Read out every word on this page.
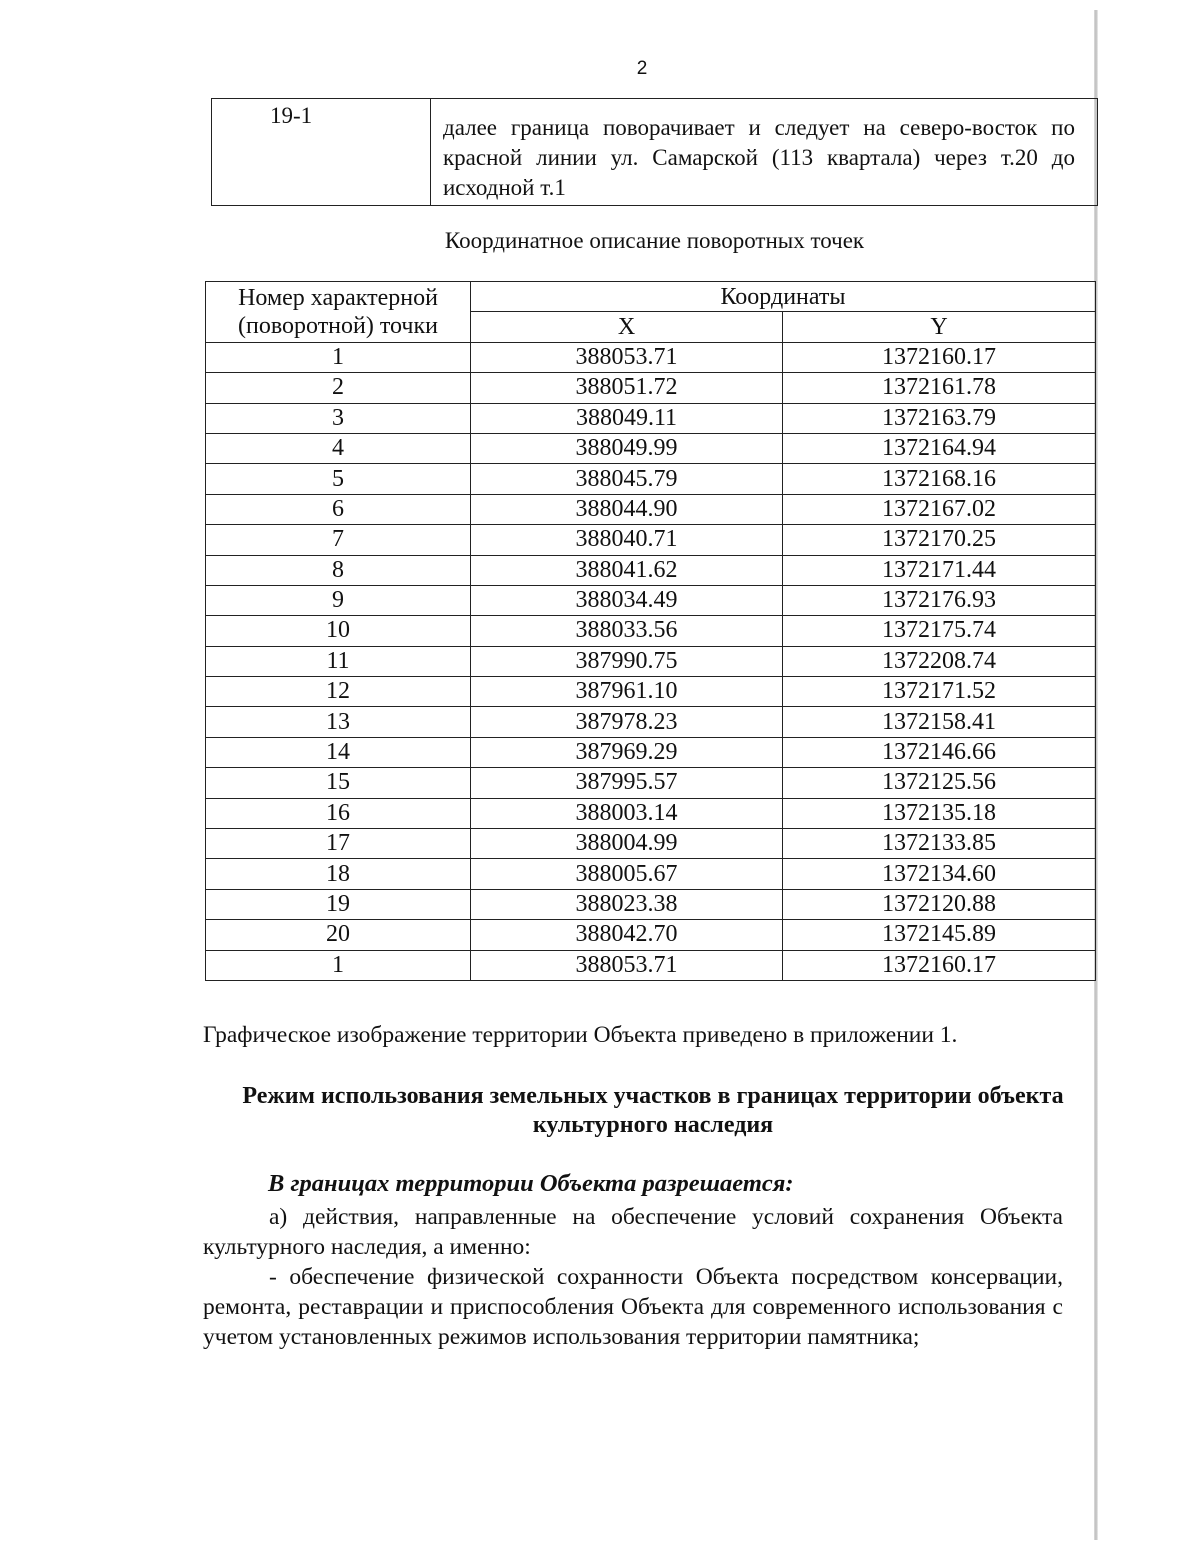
2
19-1	далее граница поворачивает и следует на северо-восток по красной линии ул. Самарской (113 квартала) через т.20 до исходной т.1
Координатное описание поворотных точек
Номер характерной (поворотной) точки	Координаты	
	X	Y
1	388053.71	1372160.17
2	388051.72	1372161.78
3	388049.11	1372163.79
4	388049.99	1372164.94
5	388045.79	1372168.16
6	388044.90	1372167.02
7	388040.71	1372170.25
8	388041.62	1372171.44
9	388034.49	1372176.93
10	388033.56	1372175.74
11	387990.75	1372208.74
12	387961.10	1372171.52
13	387978.23	1372158.41
14	387969.29	1372146.66
15	387995.57	1372125.56
16	388003.14	1372135.18
17	388004.99	1372133.85
18	388005.67	1372134.60
19	388023.38	1372120.88
20	388042.70	1372145.89
1	388053.71	1372160.17
Графическое изображение территории Объекта приведено в приложении 1.
Режим использования земельных участков в границах территории объекта культурного наследия
В границах территории Объекта разрешается:
а) действия, направленные на обеспечение условий сохранения Объекта культурного наследия, а именно:
- обеспечение физической сохранности Объекта посредством консервации, ремонта, реставрации и приспособления Объекта для современного использования с учетом установленных режимов использования территории памятника;
